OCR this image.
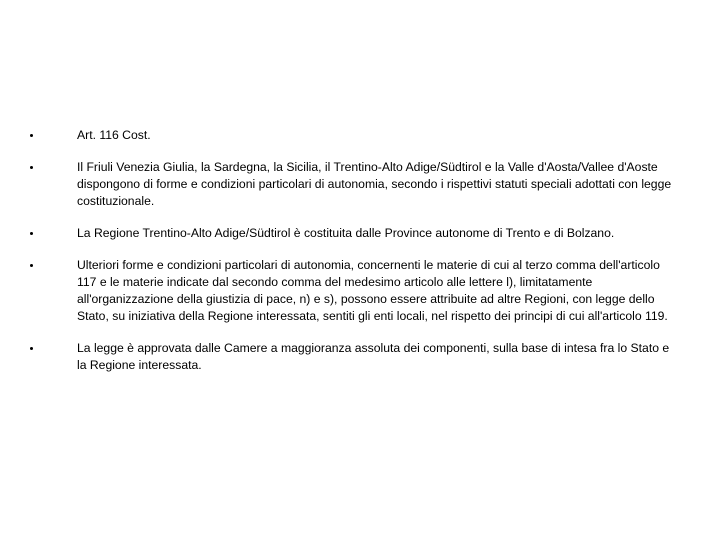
Art. 116 Cost.
Il Friuli Venezia Giulia, la Sardegna, la Sicilia, il Trentino-Alto Adige/Südtirol e la Valle d'Aosta/Vallee d'Aoste dispongono di forme e condizioni particolari di autonomia, secondo i rispettivi statuti speciali adottati con legge costituzionale.
La Regione Trentino-Alto Adige/Südtirol è costituita dalle Province autonome di Trento e di Bolzano.
Ulteriori forme e condizioni particolari di autonomia, concernenti le materie di cui al terzo comma dell'articolo 117 e le materie indicate dal secondo comma del medesimo articolo alle lettere l), limitatamente all'organizzazione della giustizia di pace, n) e s), possono essere attribuite ad altre Regioni, con legge dello Stato, su iniziativa della Regione interessata, sentiti gli enti locali, nel rispetto dei principi di cui all'articolo 119.
La legge è approvata dalle Camere a maggioranza assoluta dei componenti, sulla base di intesa fra lo Stato e la Regione interessata.
